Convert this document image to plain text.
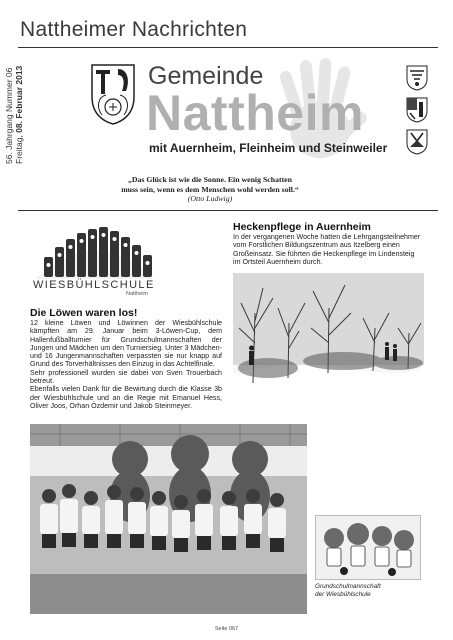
Nattheimer Nachrichten
56. Jahrgang Nummer 06 Freitag, 08. Februar 2013	Gemeinde
Nattheim
mit Auernheim, Fleinheim und Steinweiler
„Das Glück ist wie die Sonne. Ein wenig Schatten
muss sein, wenn es dem Menschen wohl werden soll.“
(Otto Ludwig)
WIESBÜHLSCHULE
Nattheim
Die Löwen waren los!
12 kleine Löwen und Löwinnen der Wiesbühlschule kämpften am 29. Januar beim 3-Löwen-Cup, dem Hallenfußballturnier für Grundschulmannschaften der Jungen und Mädchen um den Turniersieg. Unter 3 Mädchen- und 16 Jungenmannschaften verpassten sie nur knapp auf Grund des Torverhältnisses den Einzug in das Achtelfinale.
Sehr professionell wurden sie dabei von Sven Trouerbach betreut.
Ebenfalls vielen Dank für die Bewirtung durch die Klasse 3b der Wiesbühlschule und an die Regie mit Emanuel Hess, Oliver Joos, Orhan Özdemir und Jakob Steinmeyer.
Heckenpflege in Auernheim
In der vergangenen Woche hatten die Lehrgangsteilnehmer vom Forstlichen Bildungszentrum aus Itzelberg einen Großeinsatz. Sie führten die Heckenpflege im Lindensteig im Ortsteil Auernheim durch.
Grundschulmannschaft
der Wiesbühlschule
Seite 067
